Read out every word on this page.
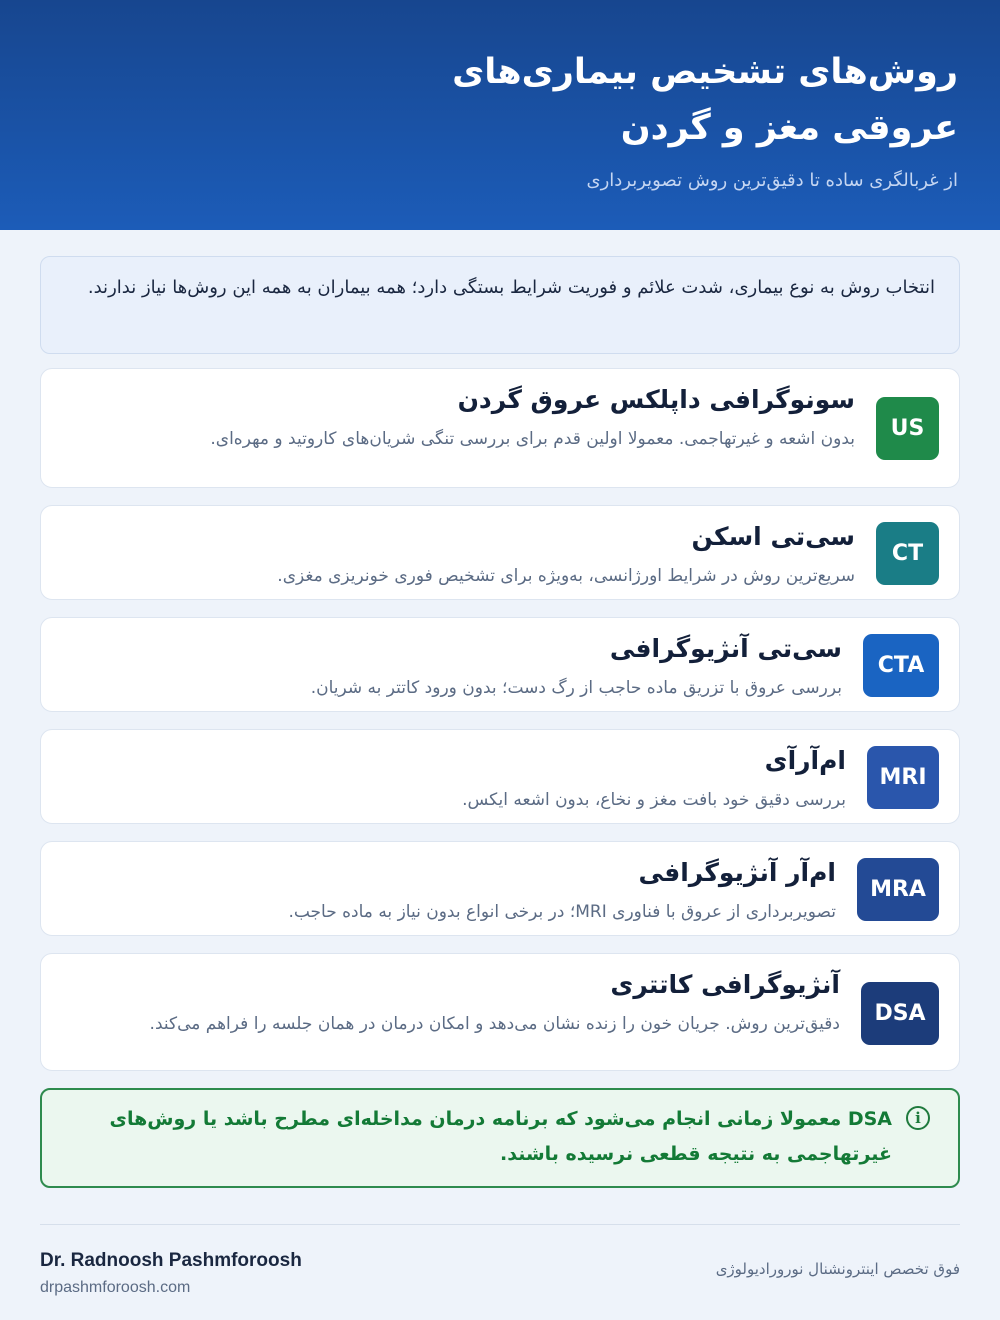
روش‌های تشخیص بیماری‌های عروقی مغز و گردن

از غربالگری ساده تا دقیق‌ترین روش تصویربرداری

انتخاب روش به نوع بیماری، شدت علائم و فوریت شرایط بستگی دارد؛ همه بیماران به همه این روش‌ها نیاز ندارند.
US
سونوگرافی داپلکس عروق گردن
بدون اشعه و غیرتهاجمی. معمولا اولین قدم برای بررسی تنگی شریان‌های کاروتید و مهره‌ای.
CT
سی‌تی اسکن
سریع‌ترین روش در شرایط اورژانسی، به‌ویژه برای تشخیص فوری خونریزی مغزی.
CTA
سی‌تی آنژیوگرافی
بررسی عروق با تزریق ماده حاجب از رگ دست؛ بدون ورود کاتتر به شریان.
MRI
ام‌آرآی
بررسی دقیق خود بافت مغز و نخاع، بدون اشعه ایکس.
MRA
ام‌آر آنژیوگرافی
تصویربرداری از عروق با فناوری MRI؛ در برخی انواع بدون نیاز به ماده حاجب.
DSA
آنژیوگرافی کاتتری
دقیق‌ترین روش. جریان خون را زنده نشان می‌دهد و امکان درمان در همان جلسه را فراهم می‌کند.
i
DSA معمولا زمانی انجام می‌شود که برنامه درمان مداخله‌ای مطرح باشد یا روش‌های غیرتهاجمی به نتیجه قطعی نرسیده باشند.
Dr. Radnoosh Pashmforoosh
drpashmforoosh.com
فوق تخصص اینترونشنال نورورادیولوژی
